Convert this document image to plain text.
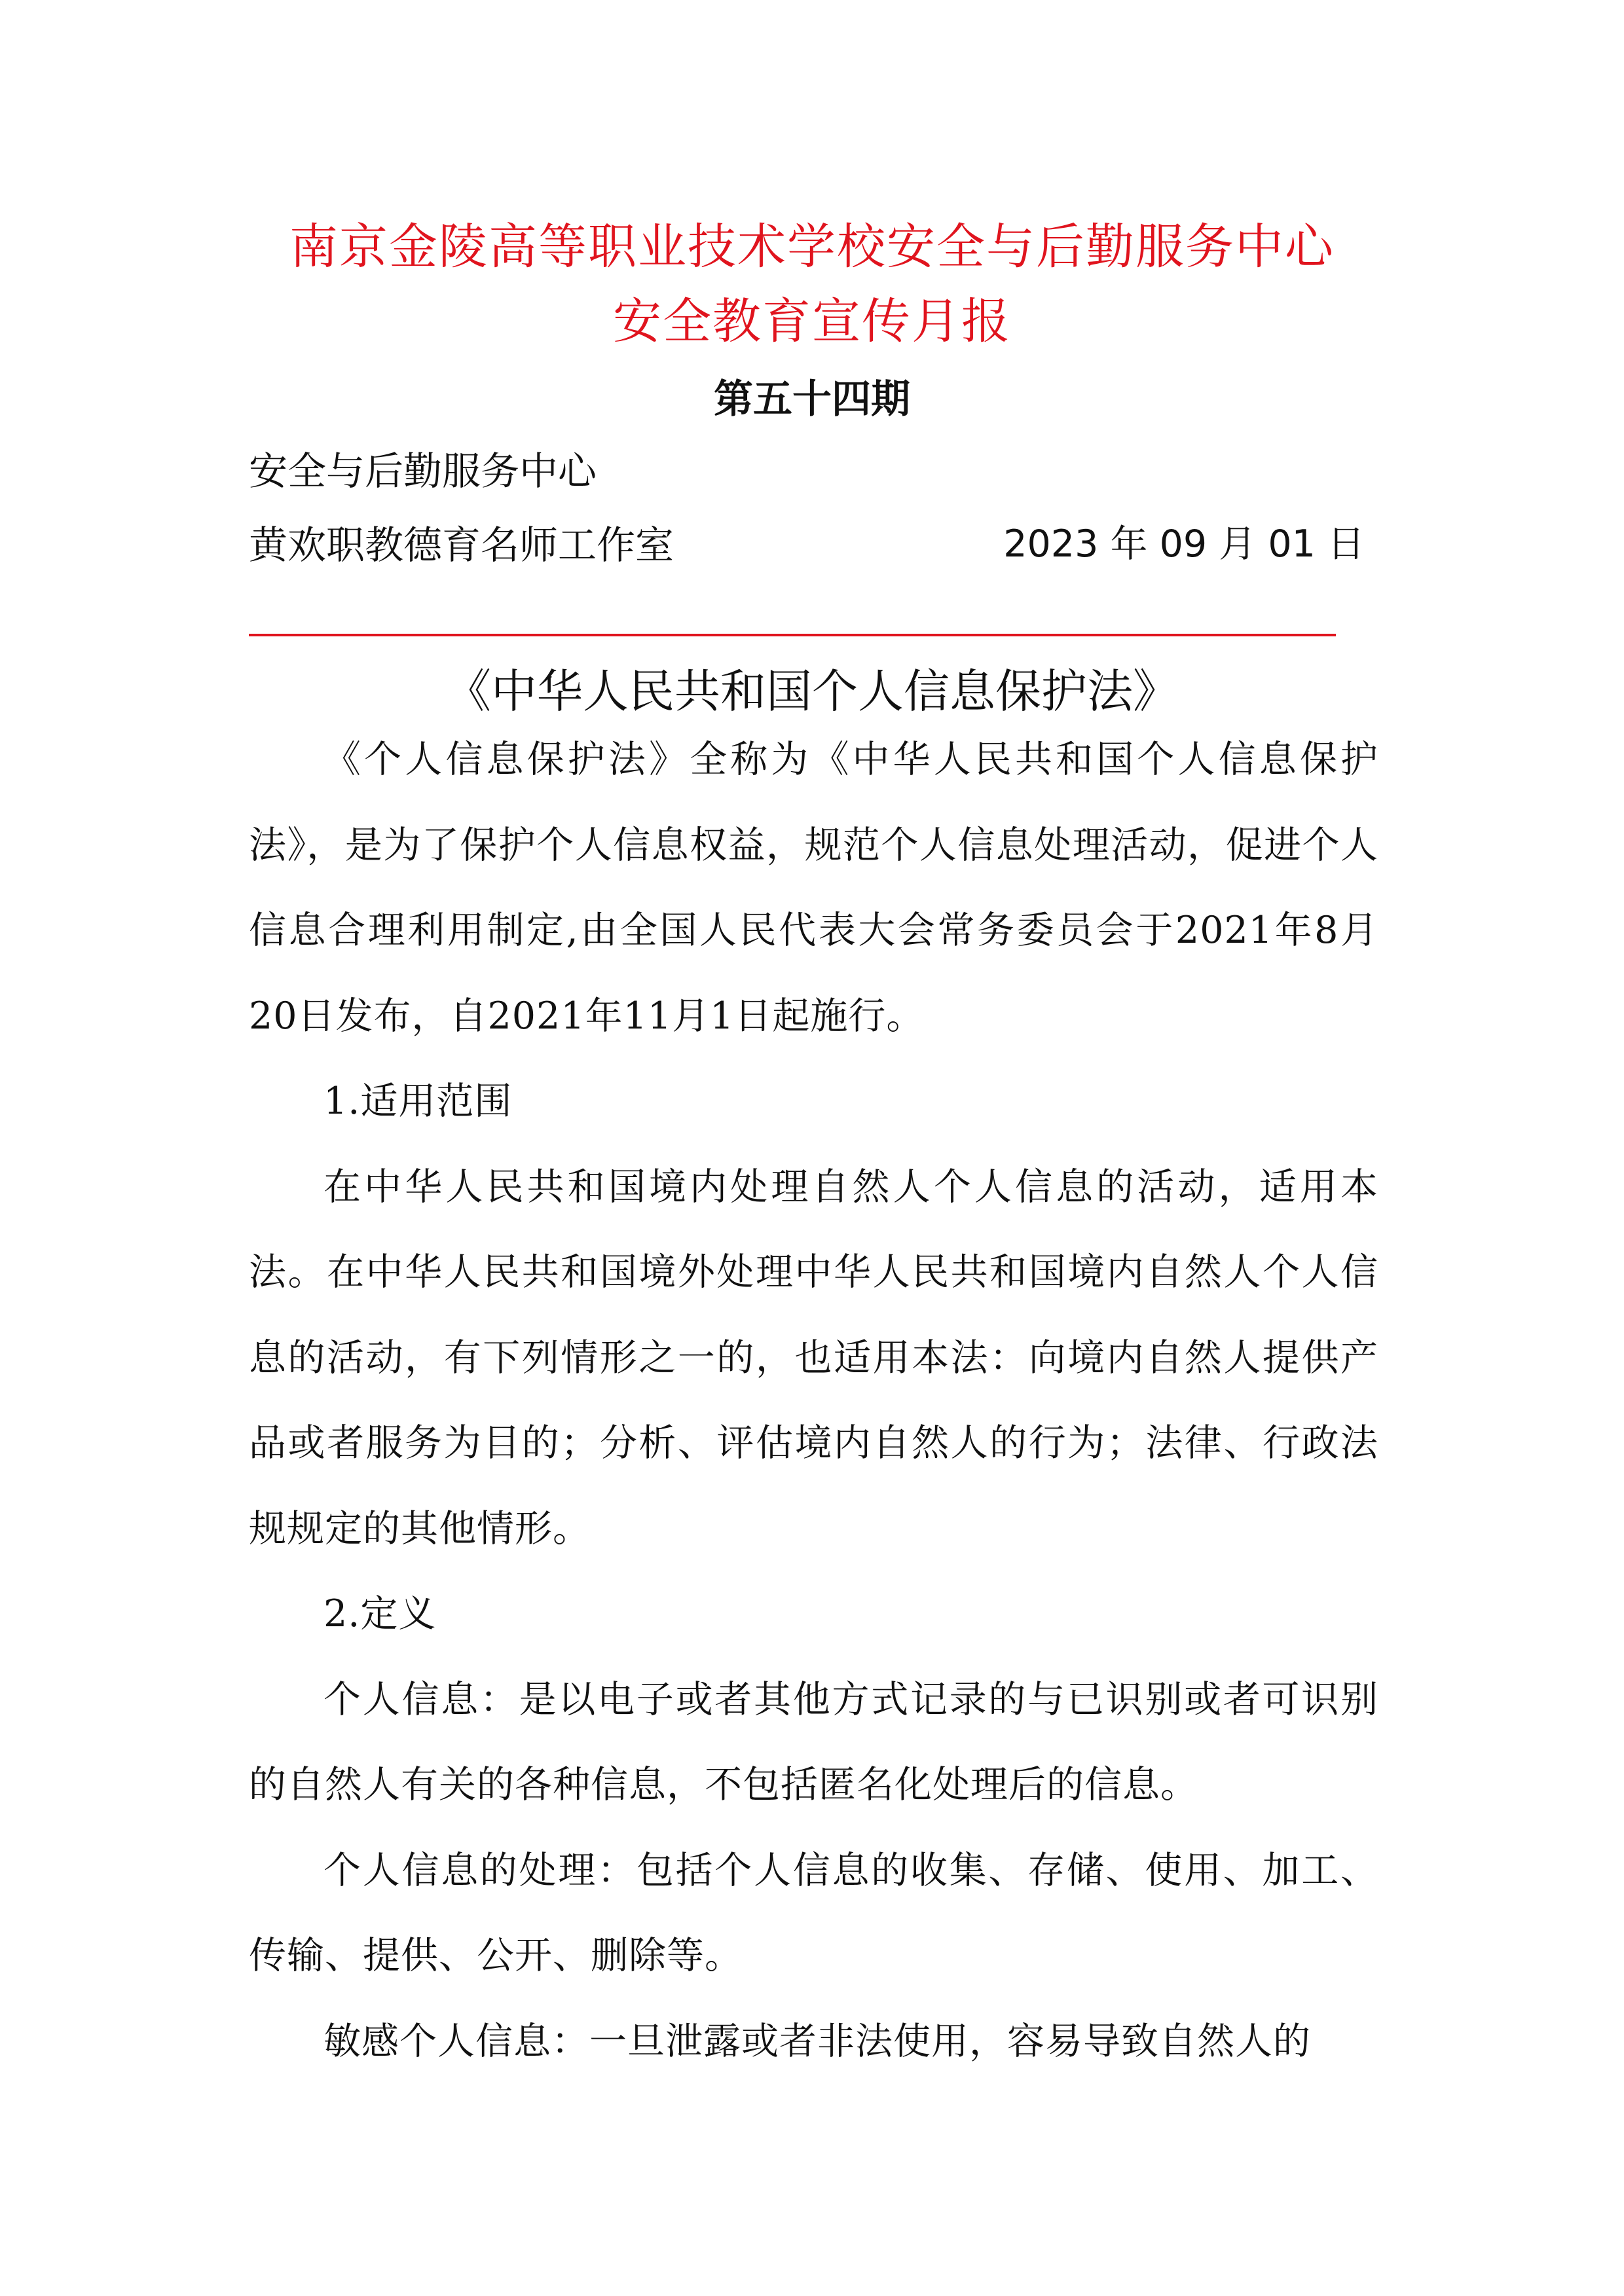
南京金陵高等职业技术学校安全与后勤服务中心
安全教育宣传月报
第五十四期
安全与后勤服务中心
黄欢职教德育名师工作室	2023 年 09 月 01 日
《中华人民共和国个人信息保护法》

《个人信息保护法》全称为《中华人民共和国个人信息保护法》，是为了保护个人信息权益，规范个人信息处理活动，促进个人信息合理利用制定,由全国人民代表大会常务委员会于2021年8月20日发布，自2021年11月1日起施行。

1.适用范围

在中华人民共和国境内处理自然人个人信息的活动，适用本法。在中华人民共和国境外处理中华人民共和国境内自然人个人信息的活动，有下列情形之一的，也适用本法：向境内自然人提供产品或者服务为目的；分析、评估境内自然人的行为；法律、行政法规规定的其他情形。

2.定义

个人信息：是以电子或者其他方式记录的与已识别或者可识别的自然人有关的各种信息，不包括匿名化处理后的信息。

个人信息的处理：包括个人信息的收集、存储、使用、加工、传输、提供、公开、删除等。

敏感个人信息：一旦泄露或者非法使用，容易导致自然人的
